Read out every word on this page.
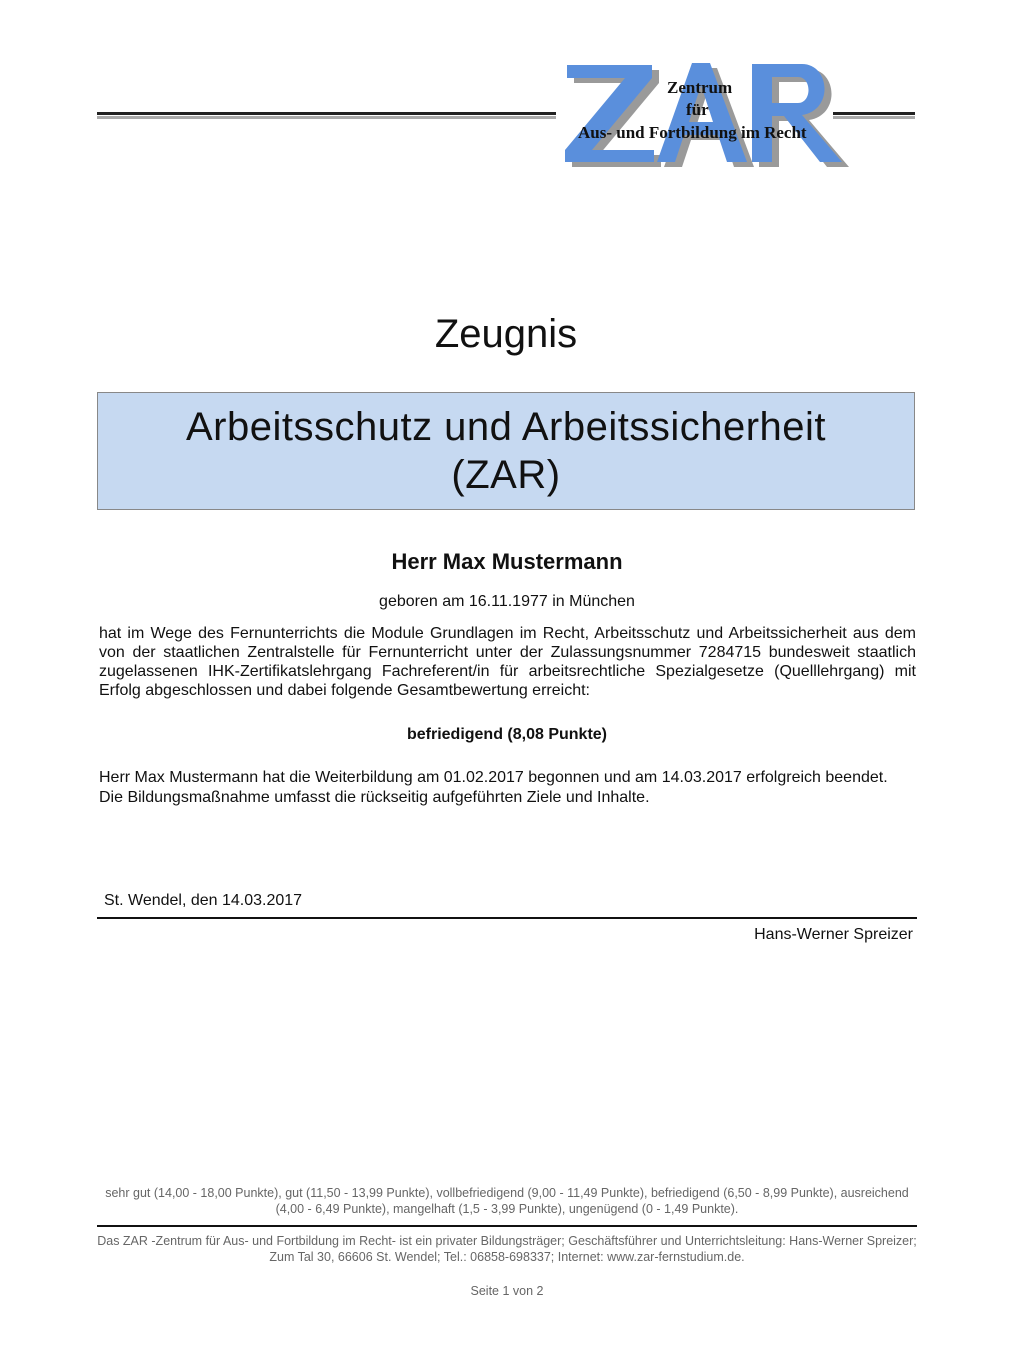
Zentrum
für
Aus- und Fortbildung im Recht
Zeugnis
Arbeitsschutz und Arbeitssicherheit
(ZAR)
Herr Max Mustermann
geboren am 16.11.1977 in München
hat im Wege des Fernunterrichts die Module Grundlagen im Recht, Arbeitsschutz und Arbeitssicherheit aus dem von der staatlichen Zentralstelle für Fernunterricht unter der Zulassungsnummer 7284715 bundesweit staatlich zugelassenen IHK-Zertifikatslehrgang Fachreferent/in für arbeitsrechtliche Spezialgesetze (Quelllehrgang) mit Erfolg abgeschlossen und dabei folgende Gesamtbewertung erreicht:
befriedigend (8,08 Punkte)
Herr Max Mustermann hat die Weiterbildung am 01.02.2017 begonnen und am 14.03.2017 erfolgreich beendet. Die Bildungsmaßnahme umfasst die rückseitig aufgeführten Ziele und Inhalte.
St. Wendel, den 14.03.2017
Hans-Werner Spreizer
sehr gut (14,00 - 18,00 Punkte), gut (11,50 - 13,99 Punkte), vollbefriedigend (9,00 - 11,49 Punkte), befriedigend (6,50 - 8,99 Punkte), ausreichend (4,00 - 6,49 Punkte), mangelhaft (1,5 - 3,99 Punkte), ungenügend (0 - 1,49 Punkte).
Das ZAR -Zentrum für Aus- und Fortbildung im Recht- ist ein privater Bildungsträger; Geschäftsführer und Unterrichtsleitung: Hans-Werner Spreizer; Zum Tal 30, 66606 St. Wendel; Tel.: 06858-698337; Internet: www.zar-fernstudium.de.
Seite 1 von 2
